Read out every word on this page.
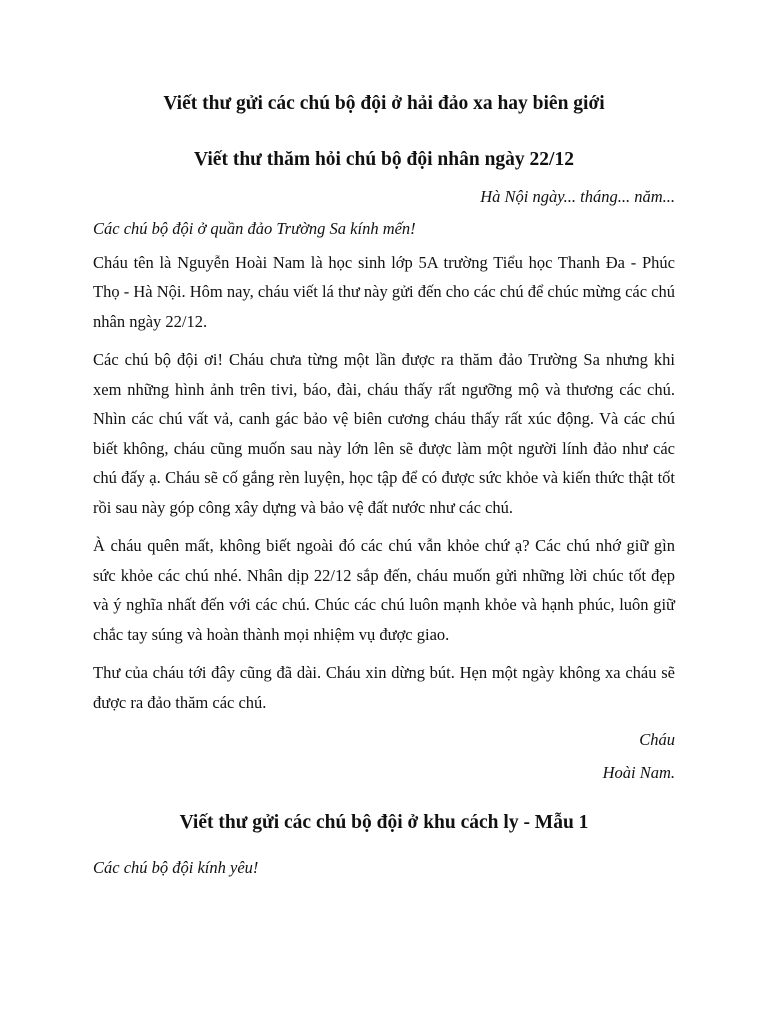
Viết thư gửi các chú bộ đội ở hải đảo xa hay biên giới
Viết thư thăm hỏi chú bộ đội nhân ngày 22/12

Hà Nội ngày... tháng... năm...

Các chú bộ đội ở quần đảo Trường Sa kính mến!

Cháu tên là Nguyễn Hoài Nam là học sinh lớp 5A trường Tiểu học Thanh Đa - Phúc Thọ - Hà Nội. Hôm nay, cháu viết lá thư này gửi đến cho các chú để chúc mừng các chú nhân ngày 22/12.

Các chú bộ đội ơi! Cháu chưa từng một lần được ra thăm đảo Trường Sa nhưng khi xem những hình ảnh trên tivi, báo, đài, cháu thấy rất ngưỡng mộ và thương các chú. Nhìn các chú vất vả, canh gác bảo vệ biên cương cháu thấy rất xúc động. Và các chú biết không, cháu cũng muốn sau này lớn lên sẽ được làm một người lính đảo như các chú đấy ạ. Cháu sẽ cố gắng rèn luyện, học tập để có được sức khỏe và kiến thức thật tốt rồi sau này góp công xây dựng và bảo vệ đất nước như các chú.

À cháu quên mất, không biết ngoài đó các chú vẫn khỏe chứ ạ? Các chú nhớ giữ gìn sức khỏe các chú nhé. Nhân dịp 22/12 sắp đến, cháu muốn gửi những lời chúc tốt đẹp và ý nghĩa nhất đến với các chú. Chúc các chú luôn mạnh khỏe và hạnh phúc, luôn giữ chắc tay súng và hoàn thành mọi nhiệm vụ được giao.

Thư của cháu tới đây cũng đã dài. Cháu xin dừng bút. Hẹn một ngày không xa cháu sẽ được ra đảo thăm các chú.

Cháu

Hoài Nam.

Viết thư gửi các chú bộ đội ở khu cách ly - Mẫu 1

Các chú bộ đội kính yêu!
